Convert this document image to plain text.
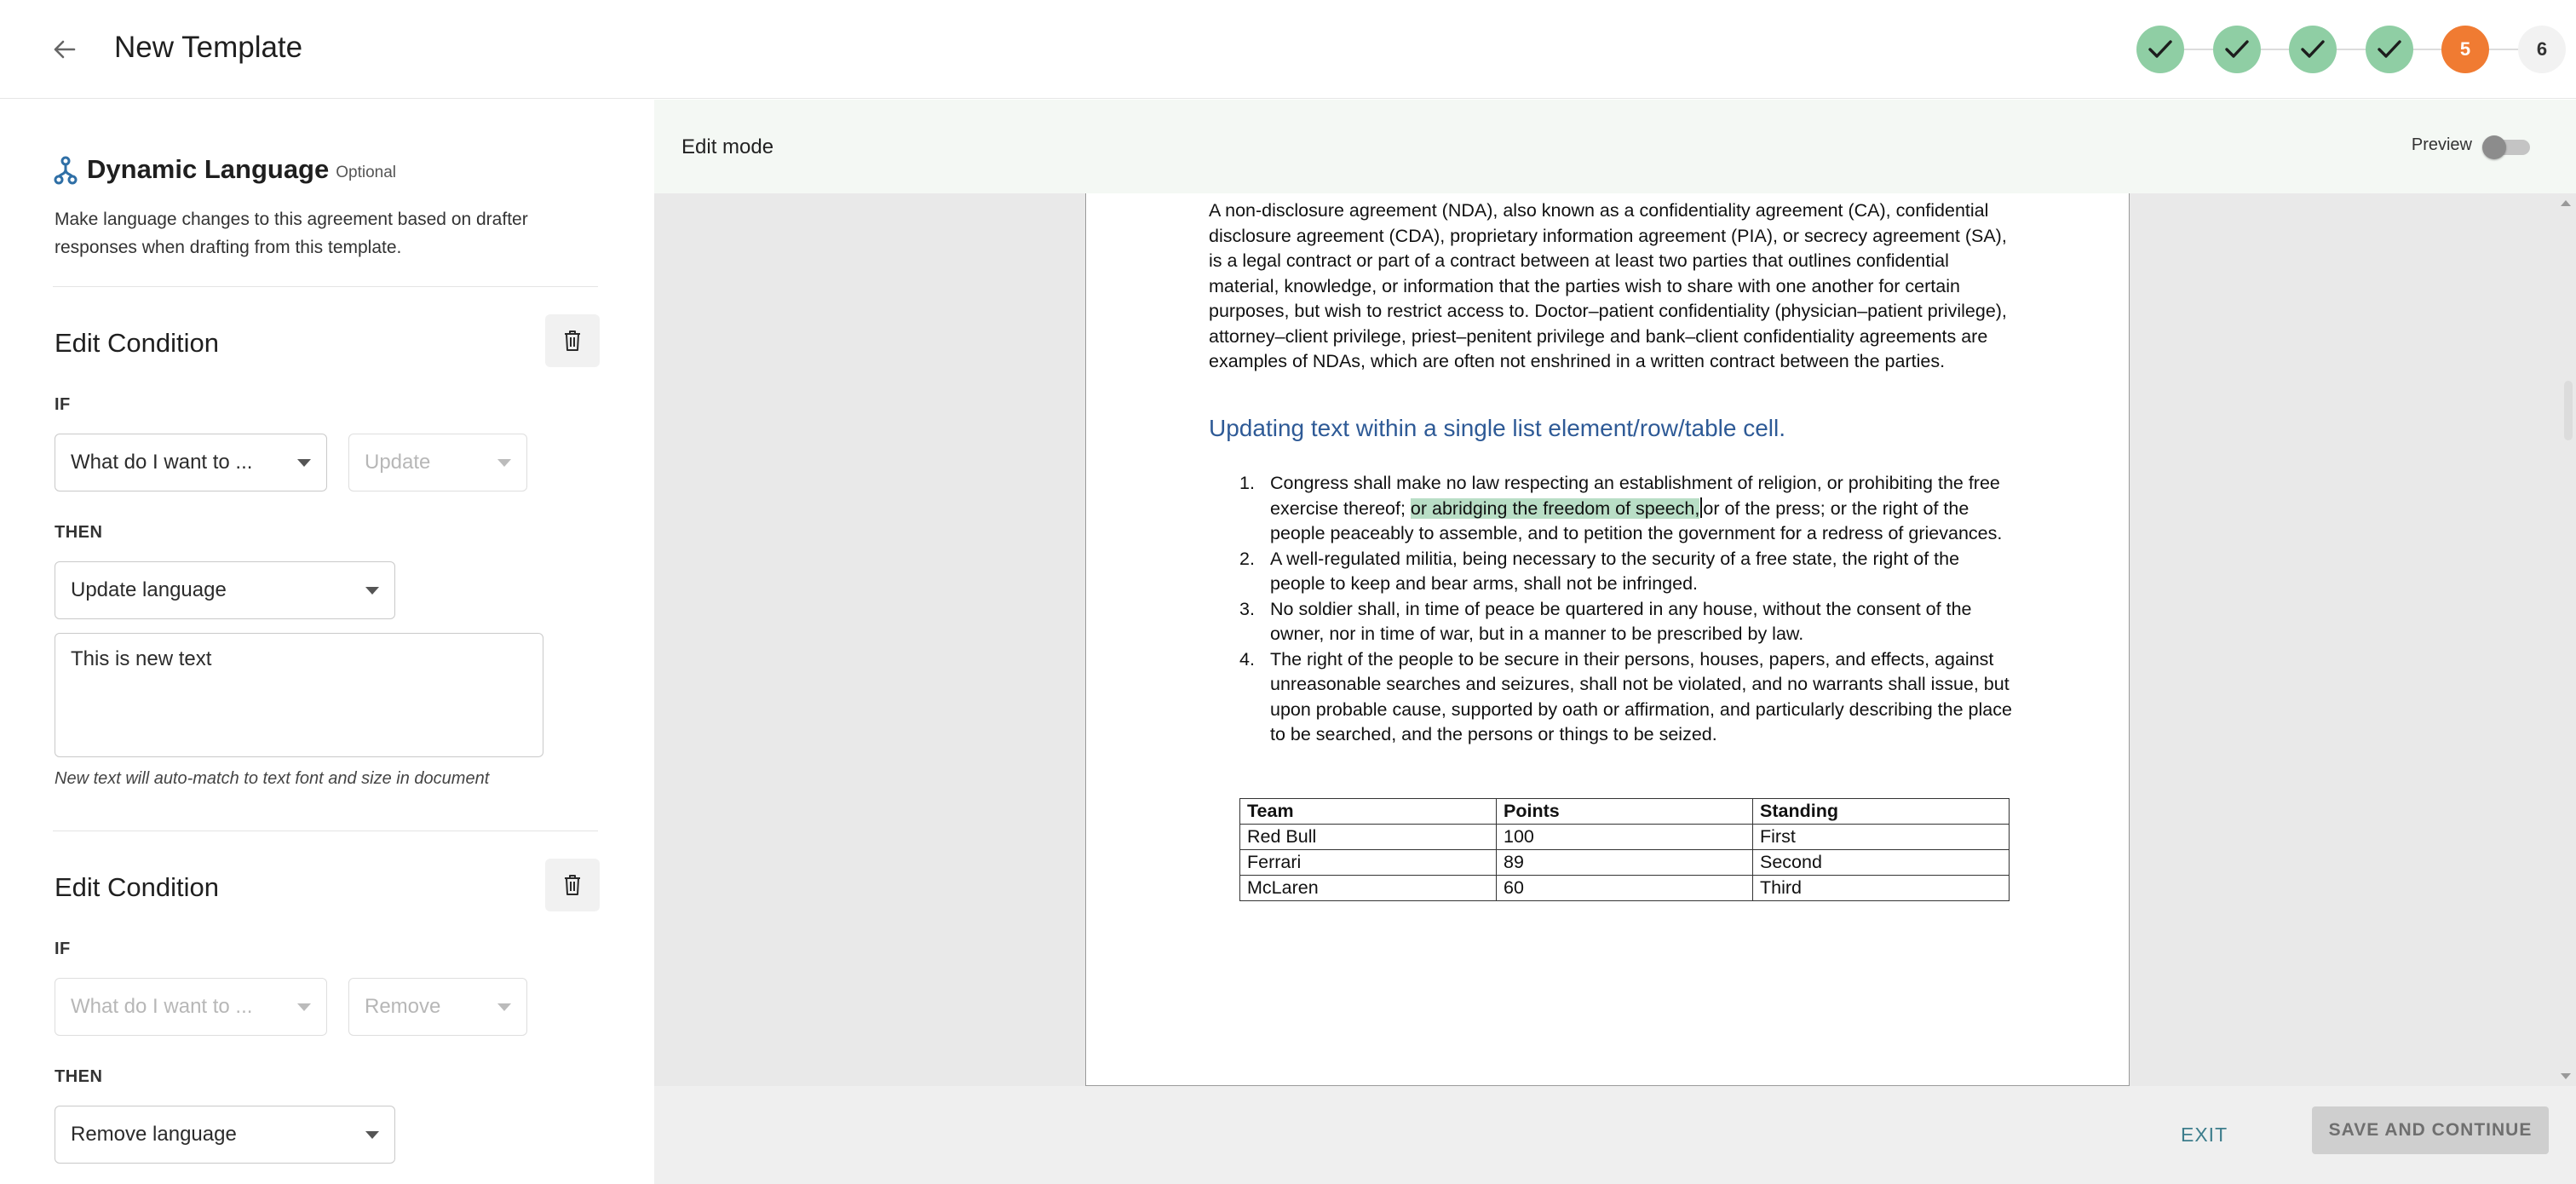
New Template	5	6
Dynamic Language Optional
Make language changes to this agreement based on drafter responses when drafting from this template.
Edit Condition
IF
What do I want to ...	Update
THEN
Update language
This is new text
New text will auto-match to text font and size in document
Edit Condition
IF
What do I want to ...	Remove
THEN
Remove language
Edit mode	Preview
A non-disclosure agreement (NDA), also known as a confidentiality agreement (CA), confidential disclosure agreement (CDA), proprietary information agreement (PIA), or secrecy agreement (SA), is a legal contract or part of a contract between at least two parties that outlines confidential material, knowledge, or information that the parties wish to share with one another for certain purposes, but wish to restrict access to. Doctor–patient confidentiality (physician–patient privilege), attorney–client privilege, priest–penitent privilege and bank–client confidentiality agreements are examples of NDAs, which are often not enshrined in a written contract between the parties.
Updating text within a single list element/row/table cell.
1. Congress shall make no law respecting an establishment of religion, or prohibiting the free exercise thereof; or abridging the freedom of speech, or of the press; or the right of the people peaceably to assemble, and to petition the government for a redress of grievances.
2. A well-regulated militia, being necessary to the security of a free state, the right of the people to keep and bear arms, shall not be infringed.
3. No soldier shall, in time of peace be quartered in any house, without the consent of the owner, nor in time of war, but in a manner to be prescribed by law.
4. The right of the people to be secure in their persons, houses, papers, and effects, against unreasonable searches and seizures, shall not be violated, and no warrants shall issue, but upon probable cause, supported by oath or affirmation, and particularly describing the place to be searched, and the persons or things to be seized.
Team	Points	Standing
Red Bull	100	First
Ferrari	89	Second
McLaren	60	Third
EXIT	SAVE AND CONTINUE
